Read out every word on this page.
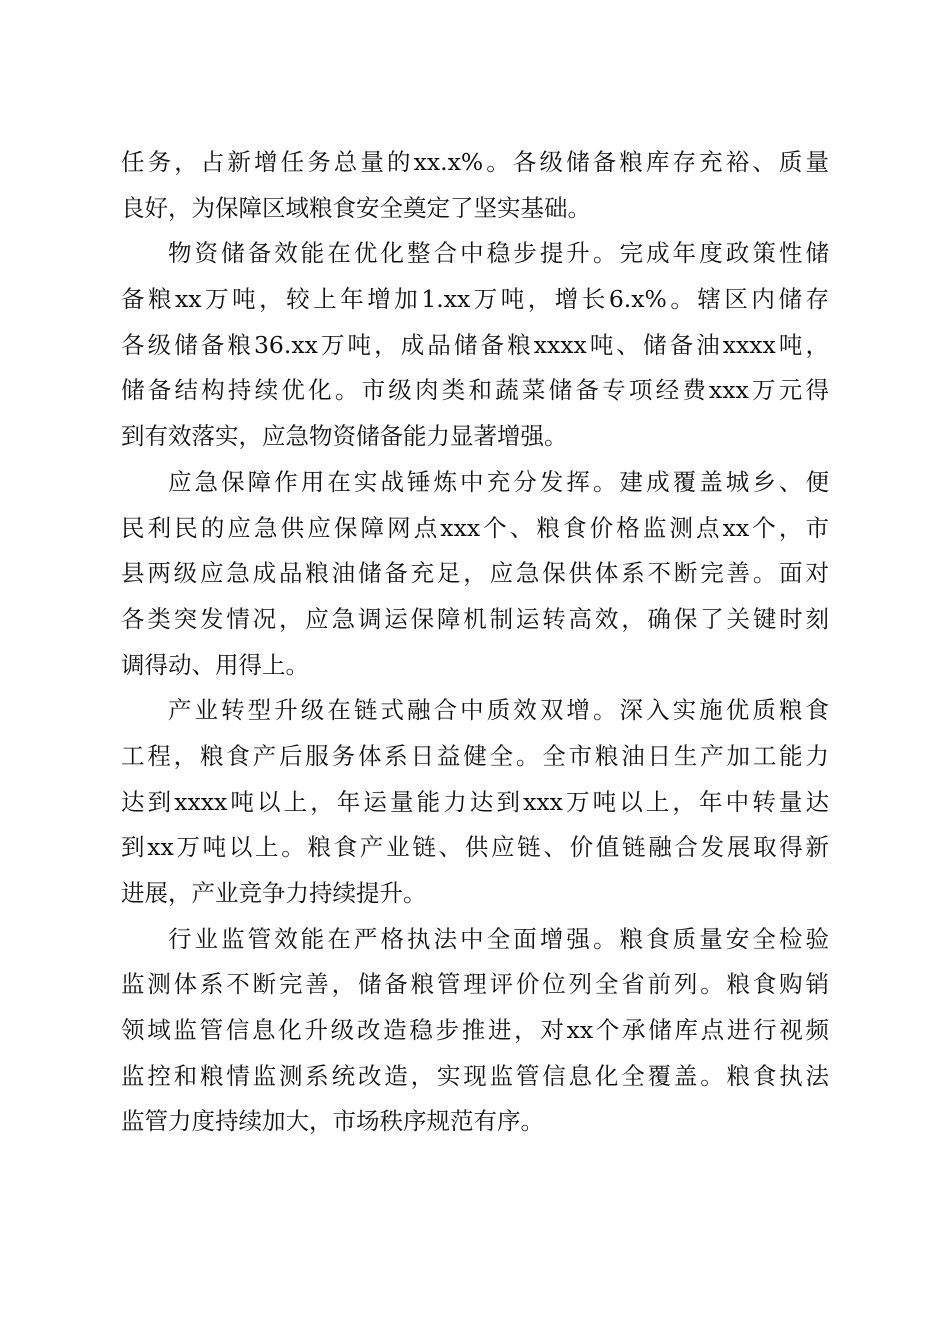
任务，占新增任务总量的xx.x%。各级储备粮库存充裕、质量
良好，为保障区域粮食安全奠定了坚实基础。
物资储备效能在优化整合中稳步提升。完成年度政策性储
备粮xx万吨，较上年增加1.xx万吨，增长6.x%。辖区内储存
各级储备粮36.xx万吨，成品储备粮xxxx吨、储备油xxxx吨，
储备结构持续优化。市级肉类和蔬菜储备专项经费xxx万元得
到有效落实，应急物资储备能力显著增强。
应急保障作用在实战锤炼中充分发挥。建成覆盖城乡、便
民利民的应急供应保障网点xxx个、粮食价格监测点xx个，市
县两级应急成品粮油储备充足，应急保供体系不断完善。面对
各类突发情况，应急调运保障机制运转高效，确保了关键时刻
调得动、用得上。
产业转型升级在链式融合中质效双增。深入实施优质粮食
工程，粮食产后服务体系日益健全。全市粮油日生产加工能力
达到xxxx吨以上，年运量能力达到xxx万吨以上，年中转量达
到xx万吨以上。粮食产业链、供应链、价值链融合发展取得新
进展，产业竞争力持续提升。
行业监管效能在严格执法中全面增强。粮食质量安全检验
监测体系不断完善，储备粮管理评价位列全省前列。粮食购销
领域监管信息化升级改造稳步推进，对xx个承储库点进行视频
监控和粮情监测系统改造，实现监管信息化全覆盖。粮食执法
监管力度持续加大，市场秩序规范有序。
